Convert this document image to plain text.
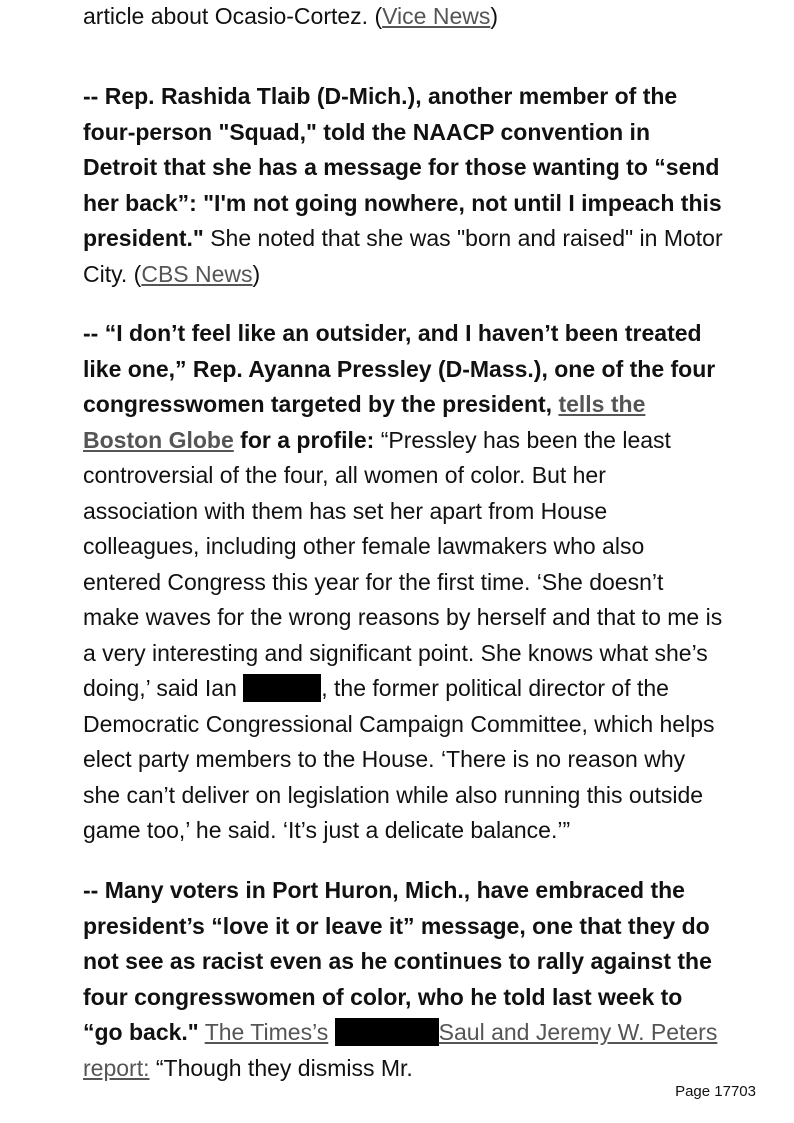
article about Ocasio-Cortez. (Vice News)

-- Rep. Rashida Tlaib (D-Mich.), another member of the four-person "Squad," told the NAACP convention in Detroit that she has a message for those wanting to “send her back”: "I'm not going nowhere, not until I impeach this president." She noted that she was "born and raised" in Motor City. (CBS News)

-- “I don’t feel like an outsider, and I haven’t been treated like one,” Rep. Ayanna Pressley (D-Mass.), one of the four congresswomen targeted by the president, tells the Boston Globe for a profile: “Pressley has been the least controversial of the four, all women of color. But her association with them has set her apart from House colleagues, including other female lawmakers who also entered Congress this year for the first time. ‘She doesn’t make waves for the wrong reasons by herself and that to me is a very interesting and significant point. She knows what she’s doing,’ said Ian	, the former political director of the Democratic Congressional Campaign Committee, which helps elect party members to the House. ‘There is no reason why she can’t deliver on legislation while also running this outside game too,’ he said. ‘It’s just a delicate balance.’”

-- Many voters in Port Huron, Mich., have embraced the president’s “love it or leave it” message, one that they do not see as racist even as he continues to rally against the four congresswomen of color, who he told last week to “go back." The Times’s	Saul and Jeremy W. Peters report: “Though they dismiss Mr.

Page 17703
